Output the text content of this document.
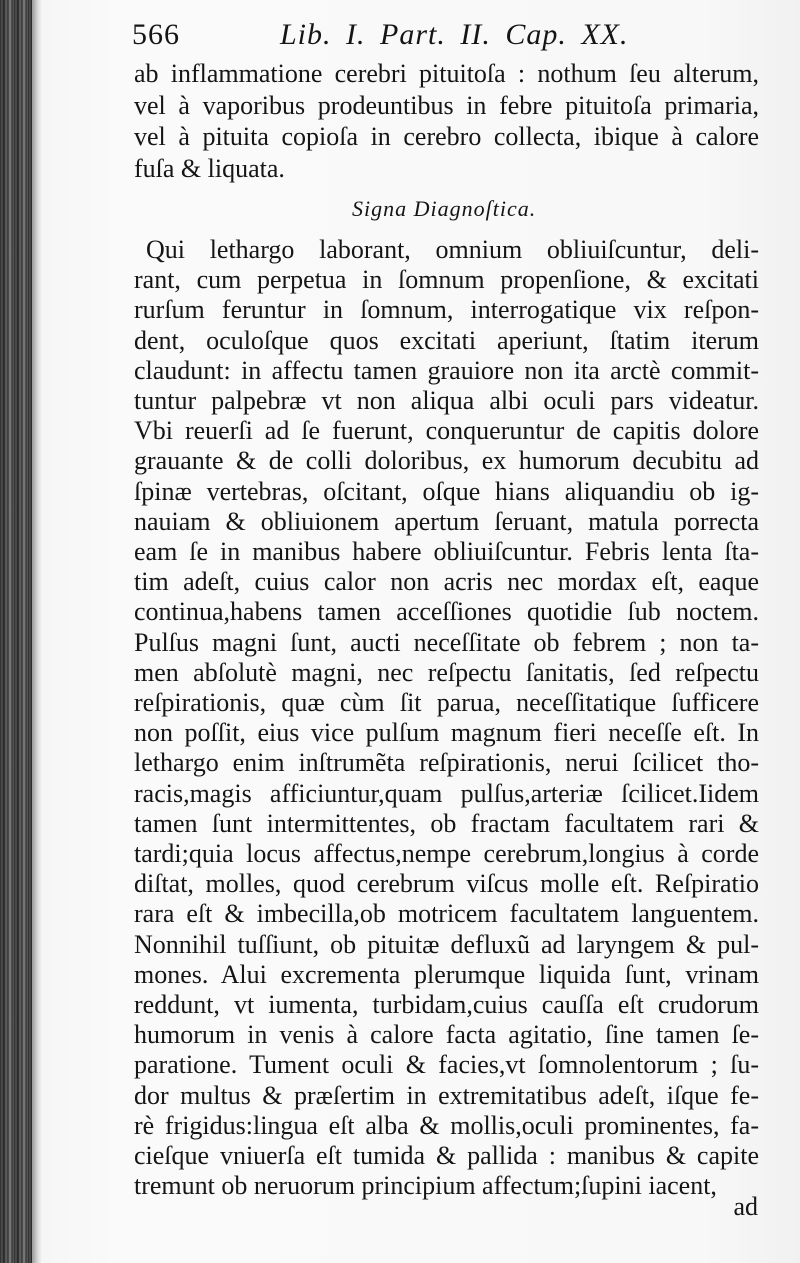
566	Lib. I. Part. II. Cap. XX.
ab inflammatione cerebri pituitoſa : nothum ſeu alterum,
vel à vaporibus prodeuntibus in febre pituitoſa primaria,
vel à pituita copioſa in cerebro collecta, ibique à calore
fuſa & liquata.
Signa Diagnoſtica.
Qui lethargo laborant, omnium obliuiſcuntur, deli-
rant, cum perpetua in ſomnum propenſione, & excitati
rurſum feruntur in ſomnum, interrogatique vix reſpon-
dent, oculoſque quos excitati aperiunt, ſtatim iterum
claudunt: in affectu tamen grauiore non ita arctè commit-
tuntur palpebræ vt non aliqua albi oculi pars videatur.
Vbi reuerſi ad ſe fuerunt, conqueruntur de capitis dolore
grauante & de colli doloribus, ex humorum decubitu ad
ſpinæ vertebras, oſcitant, oſque hians aliquandiu ob ig-
nauiam & obliuionem apertum ſeruant, matula porrecta
eam ſe in manibus habere obliuiſcuntur. Febris lenta ſta-
tim adeſt, cuius calor non acris nec mordax eſt, eaque
continua,habens tamen acceſſiones quotidie ſub noctem.
Pulſus magni ſunt, aucti neceſſitate ob febrem ; non ta-
men abſolutè magni, nec reſpectu ſanitatis, ſed reſpectu
reſpirationis, quæ cùm ſit parua, neceſſitatique ſufficere
non poſſit, eius vice pulſum magnum fieri neceſſe eſt. In
lethargo enim inſtrumẽta reſpirationis, nerui ſcilicet tho-
racis,magis afficiuntur,quam pulſus,arteriæ ſcilicet.Iidem
tamen ſunt intermittentes, ob fractam facultatem rari &
tardi;quia locus affectus,nempe cerebrum,longius à corde
diſtat, molles, quod cerebrum viſcus molle eſt. Reſpiratio
rara eſt & imbecilla,ob motricem facultatem languentem.
Nonnihil tuſſiunt, ob pituitæ defluxũ ad laryngem & pul-
mones. Alui excrementa plerumque liquida ſunt, vrinam
reddunt, vt iumenta, turbidam,cuius cauſſa eſt crudorum
humorum in venis à calore facta agitatio, ſine tamen ſe-
paratione. Tument oculi & facies,vt ſomnolentorum ; ſu-
dor multus & præſertim in extremitatibus adeſt, iſque fe-
rè frigidus:lingua eſt alba & mollis,oculi prominentes, fa-
cieſque vniuerſa eſt tumida & pallida : manibus & capite
tremunt ob neruorum principium affectum;ſupini iacent,
ad
